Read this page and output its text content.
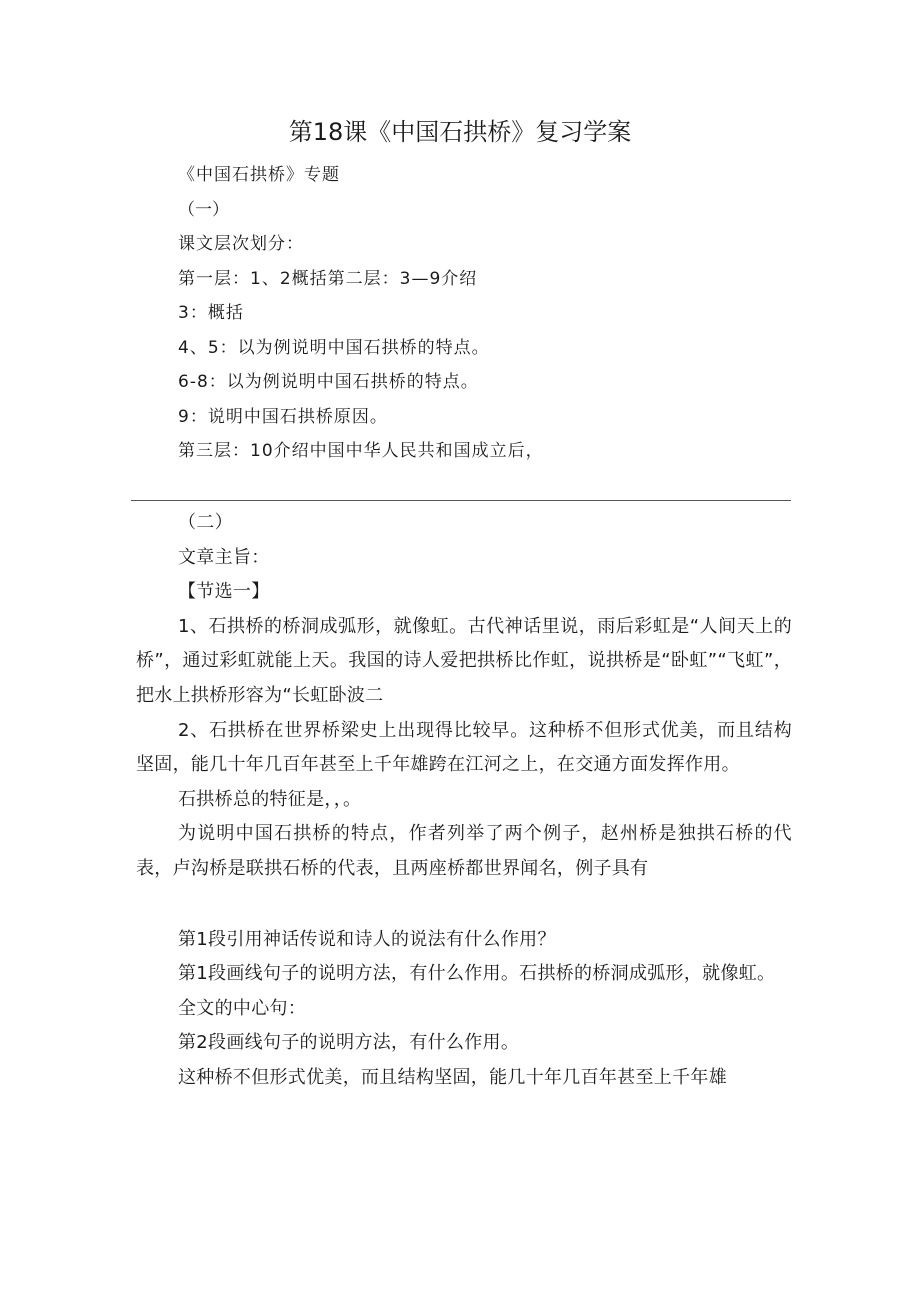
第18课《中国石拱桥》复习学案

《中国石拱桥》专题

（一）

课文层次划分：

第一层：1、2概括第二层：3—9介绍

3：概括

4、5：以为例说明中国石拱桥的特点。

6-8：以为例说明中国石拱桥的特点。

9：说明中国石拱桥原因。

第三层：10介绍中国中华人民共和国成立后，

（二）

文章主旨：

【节选一】

1、石拱桥的桥洞成弧形，就像虹。古代神话里说，雨后彩虹是“人间天上的桥”，通过彩虹就能上天。我国的诗人爱把拱桥比作虹，说拱桥是“卧虹”“飞虹”，把水上拱桥形容为“长虹卧波二

2、石拱桥在世界桥梁史上出现得比较早。这种桥不但形式优美，而且结构坚固，能几十年几百年甚至上千年雄跨在江河之上，在交通方面发挥作用。

石拱桥总的特征是，，。

为说明中国石拱桥的特点，作者列举了两个例子，赵州桥是独拱石桥的代表，卢沟桥是联拱石桥的代表，且两座桥都世界闻名，例子具有

第1段引用神话传说和诗人的说法有什么作用？

第1段画线句子的说明方法，有什么作用。石拱桥的桥洞成弧形，就像虹。

全文的中心句：

第2段画线句子的说明方法，有什么作用。

这种桥不但形式优美，而且结构坚固，能几十年几百年甚至上千年雄
